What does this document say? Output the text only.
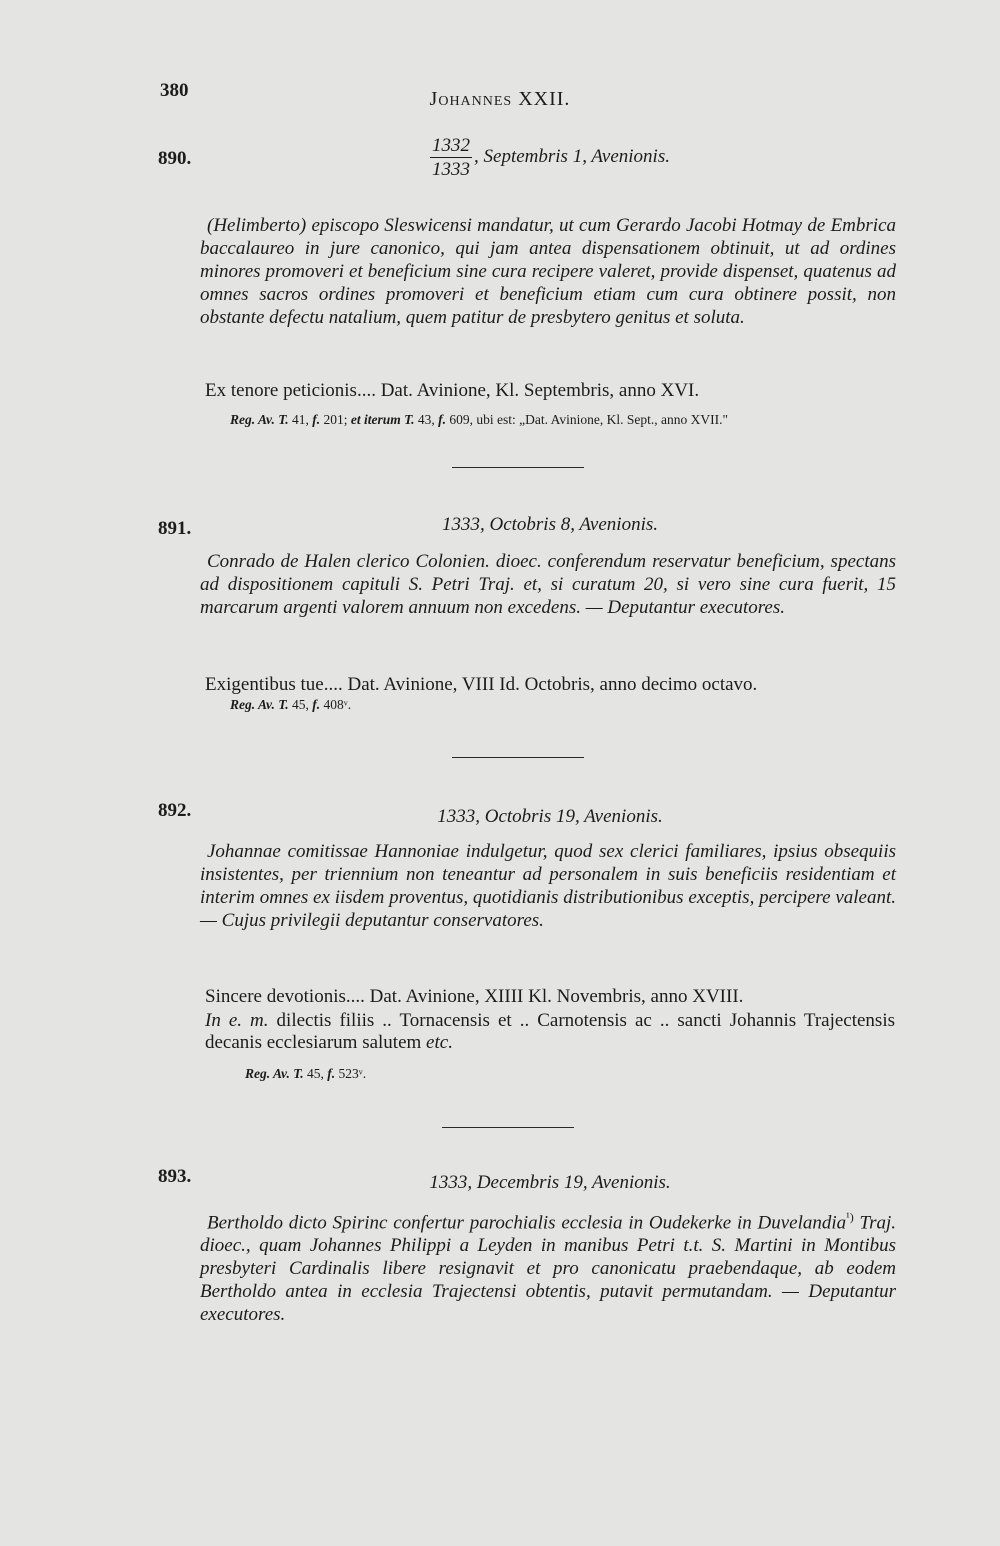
380	Johannes XXII.
890.	$\frac{1332}{1333}$ , Septembris 1, Avenionis.
(Helimberto) episcopo Sleswicensi mandatur, ut cum Gerardo Jacobi Hotmay de Embrica baccalaureo in jure canonico, qui jam antea dispensationem obtinuit, ut ad ordines minores promoveri et beneficium sine cura recipere valeret, provide dispenset, quatenus ad omnes sacros ordines promoveri et beneficium etiam cum cura obtinere possit, non obstante defectu natalium, quem patitur de presbytero genitus et soluta.
Ex tenore peticionis.... Dat. Avinione, Kl. Septembris, anno XVI.
Reg. Av. T. 41, f. 201; et iterum T. 43, f. 609, ubi est: „Dat. Avinione, Kl. Sept., anno XVII."
891.	1333, Octobris 8, Avenionis.
Conrado de Halen clerico Colonien. dioec. conferendum reservatur beneficium, spectans ad dispositionem capituli S. Petri Traj. et, si curatum 20, si vero sine cura fuerit, 15 marcarum argenti valorem annuum non excedens. — Deputantur executores.
Exigentibus tue.... Dat. Avinione, VIII Id. Octobris, anno decimo octavo.
Reg. Av. T. 45, f. 408ᵛ.
892.	1333, Octobris 19, Avenionis.
Johannae comitissae Hannoniae indulgetur, quod sex clerici familiares, ipsius obsequiis insistentes, per triennium non teneantur ad personalem in suis beneficiis residentiam et interim omnes ex iisdem proventus, quotidianis distributionibus exceptis, percipere valeant. — Cujus privilegii deputantur conservatores.
Sincere devotionis.... Dat. Avinione, XIIII Kl. Novembris, anno XVIII.
In e. m. dilectis filiis .. Tornacensis et .. Carnotensis ac .. sancti Johannis Trajectensis decanis ecclesiarum salutem etc.
Reg. Av. T. 45, f. 523ᵛ.
893.	1333, Decembris 19, Avenionis.
Bertholdo dicto Spirinc confertur parochialis ecclesia in Oudekerke in Duvelandia$^{^1)}$ Traj. dioec., quam Johannes Philippi a Leyden in manibus Petri t.t. S. Martini in Montibus presbyteri Cardinalis libere resignavit et pro canonicatu praebendaque, ab eodem Bertholdo antea in ecclesia Trajectensi obtentis, putavit permutandam. — Deputantur executores.
